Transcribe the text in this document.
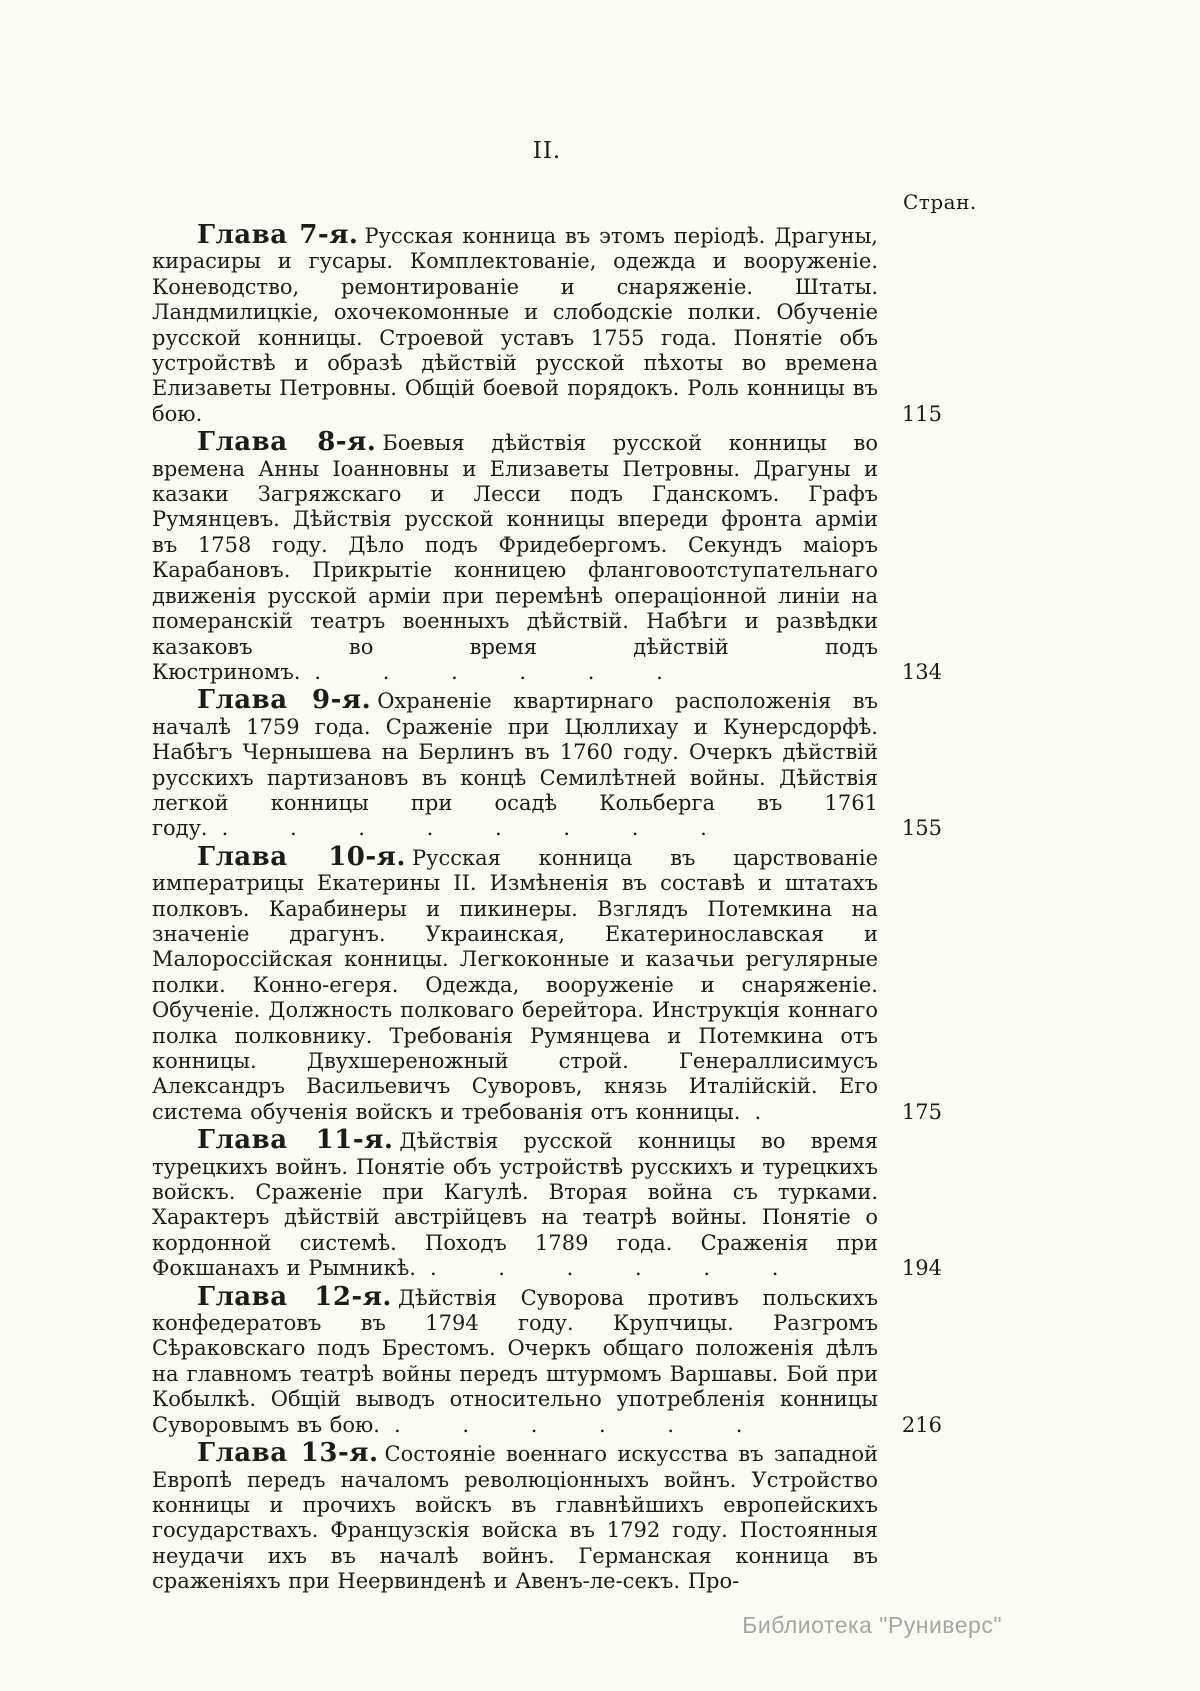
II.
Стран.

Глава 7-я. Русская конница въ этомъ періодѣ. Драгуны, кирасиры и гусары. Комплектованіе, одежда и вооруженіе. Коневодство, ремонтированіе и снаряженіе. Штаты. Ландмилицкіе, охочекомонные и слободскіе полки. Обученіе русской конницы. Строевой уставъ 1755 года. Понятіе объ устройствѣ и образѣ дѣйствій русской пѣхоты во времена Елизаветы Петровны. Общій боевой порядокъ. Роль конницы въ бою.	115

Глава 8-я. Боевыя дѣйствія русской конницы во времена Анны Іоанновны и Елизаветы Петровны. Драгуны и казаки Загряжскаго и Лесси подъ Гданскомъ. Графъ Румянцевъ. Дѣйствія русской конницы впереди фронта арміи въ 1758 году. Дѣло подъ Фридебергомъ. Секундъ маіоръ Карабановъ. Прикрытіе конницею фланговоотступательнаго движенія русской арміи при перемѣнѣ операціонной линіи на померанскій театръ военныхъ дѣйствій. Набѣги и развѣдки казаковъ во время дѣйствій подъ Кюстриномъ. . . . . . .	134

Глава 9-я. Охраненіе квартирнаго расположенія въ началѣ 1759 года. Сраженіе при Цюллихау и Кунерсдорфѣ. Набѣгъ Чернышева на Берлинъ въ 1760 году. Очеркъ дѣйствій русскихъ партизановъ въ концѣ Семилѣтней войны. Дѣйствія легкой конницы при осадѣ Кольберга въ 1761 году. . . . . . . . .	155

Глава 10-я. Русская конница въ царствованіе императрицы Екатерины II. Измѣненія въ составѣ и штатахъ полковъ. Карабинеры и пикинеры. Взглядъ Потемкина на значеніе драгунъ. Украинская, Екатеринославская и Малороссійская конницы. Легкоконные и казачьи регулярные полки. Конно-егеря. Одежда, вооруженіе и снаряженіе. Обученіе. Должность полковаго берейтора. Инструкція коннаго полка полковнику. Требованія Румянцева и Потемкина отъ конницы. Двухшереножный строй. Генераллисимусъ Александръ Васильевичъ Суворовъ, князь Италійскій. Его система обученія войскъ и требованія отъ конницы. .	175

Глава 11-я. Дѣйствія русской конницы во время турецкихъ войнъ. Понятіе объ устройствѣ русскихъ и турецкихъ войскъ. Сраженіе при Кагулѣ. Вторая война съ турками. Характеръ дѣйствій австрійцевъ на театрѣ войны. Понятіе о кордонной системѣ. Походъ 1789 года. Сраженія при Фокшанахъ и Рымникѣ. . . . . . .	194

Глава 12-я. Дѣйствія Суворова противъ польскихъ конфедератовъ въ 1794 году. Крупчицы. Разгромъ Сѣраковскаго подъ Брестомъ. Очеркъ общаго положенія дѣлъ на главномъ театрѣ войны передъ штурмомъ Варшавы. Бой при Кобылкѣ. Общій выводъ относительно употребленія конницы Суворовымъ въ бою. . . . . . .	216

Глава 13-я. Состояніе военнаго искусства въ западной Европѣ передъ началомъ революціонныхъ войнъ. Устройство конницы и прочихъ войскъ въ главнѣйшихъ европейскихъ государствахъ. Французскія войска въ 1792 году. Постоянныя неудачи ихъ въ началѣ войнъ. Германская конница въ сраженіяхъ при Неервинденѣ и Авенъ-ле-секъ. Про-

Библиотека "Руниверс"
